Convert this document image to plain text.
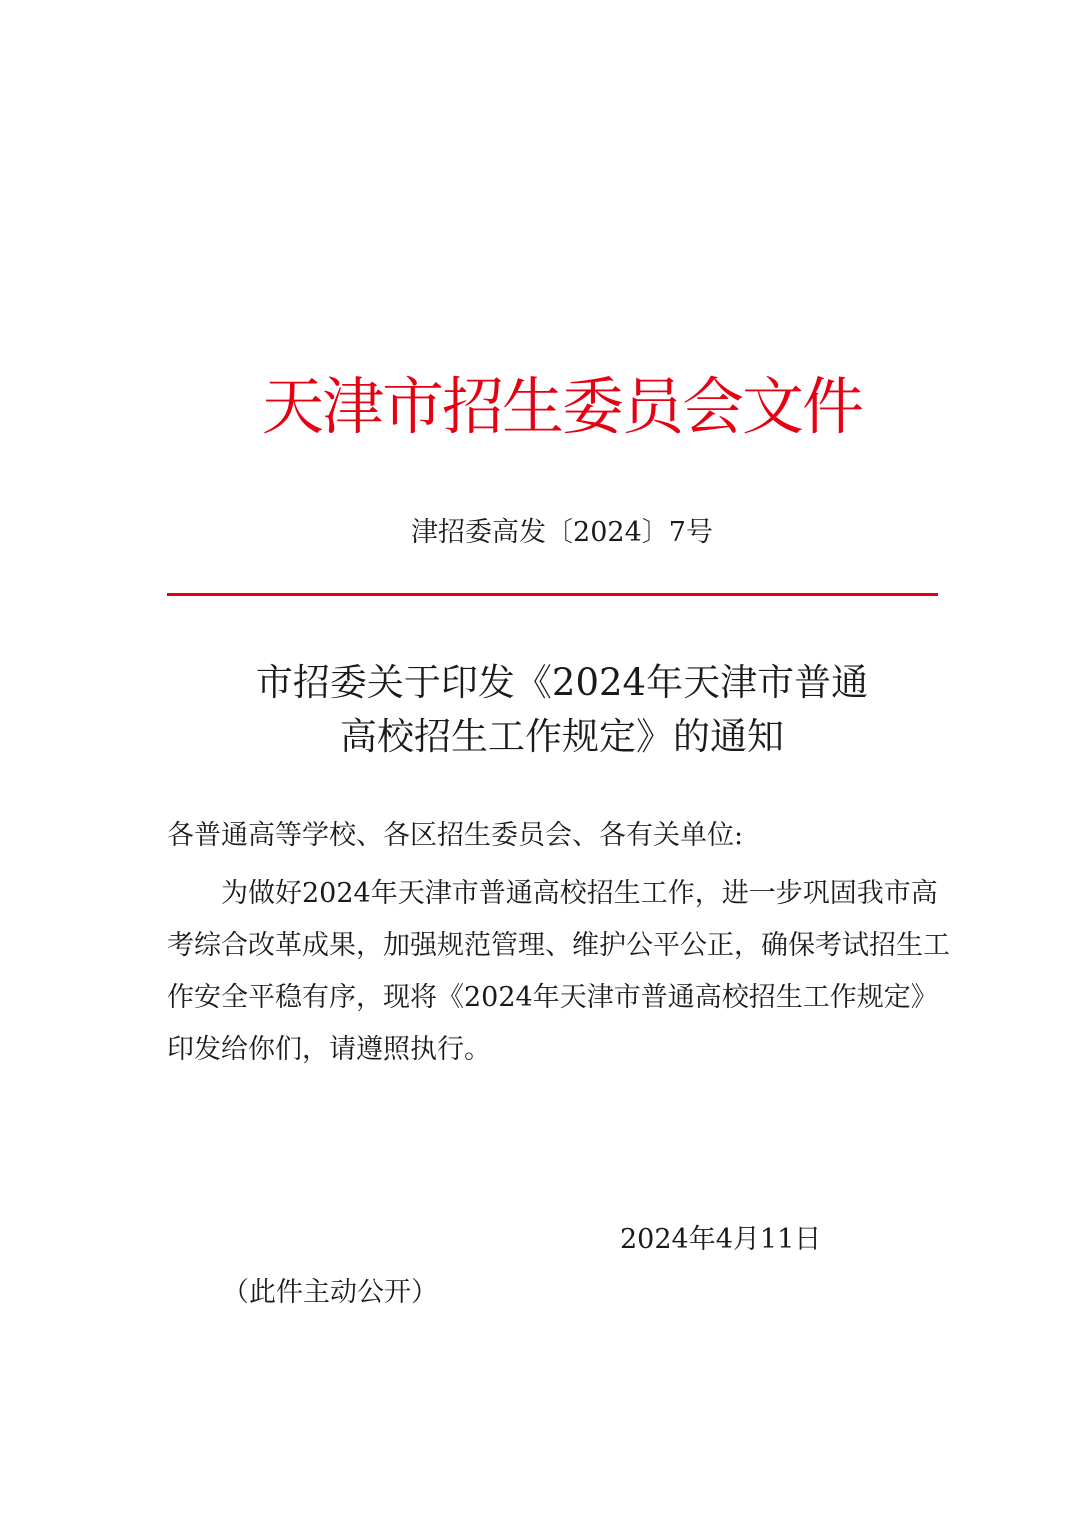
天津市招生委员会文件
津招委高发〔2024〕7号
市招委关于印发《2024年天津市普通
高校招生工作规定》的通知
各普通高等学校、各区招生委员会、各有关单位:
为做好2024年天津市普通高校招生工作，进一步巩固我市高
考综合改革成果，加强规范管理、维护公平公正，确保考试招生工
作安全平稳有序，现将《2024年天津市普通高校招生工作规定》
印发给你们，请遵照执行。
2024年4月11日
（此件主动公开）
